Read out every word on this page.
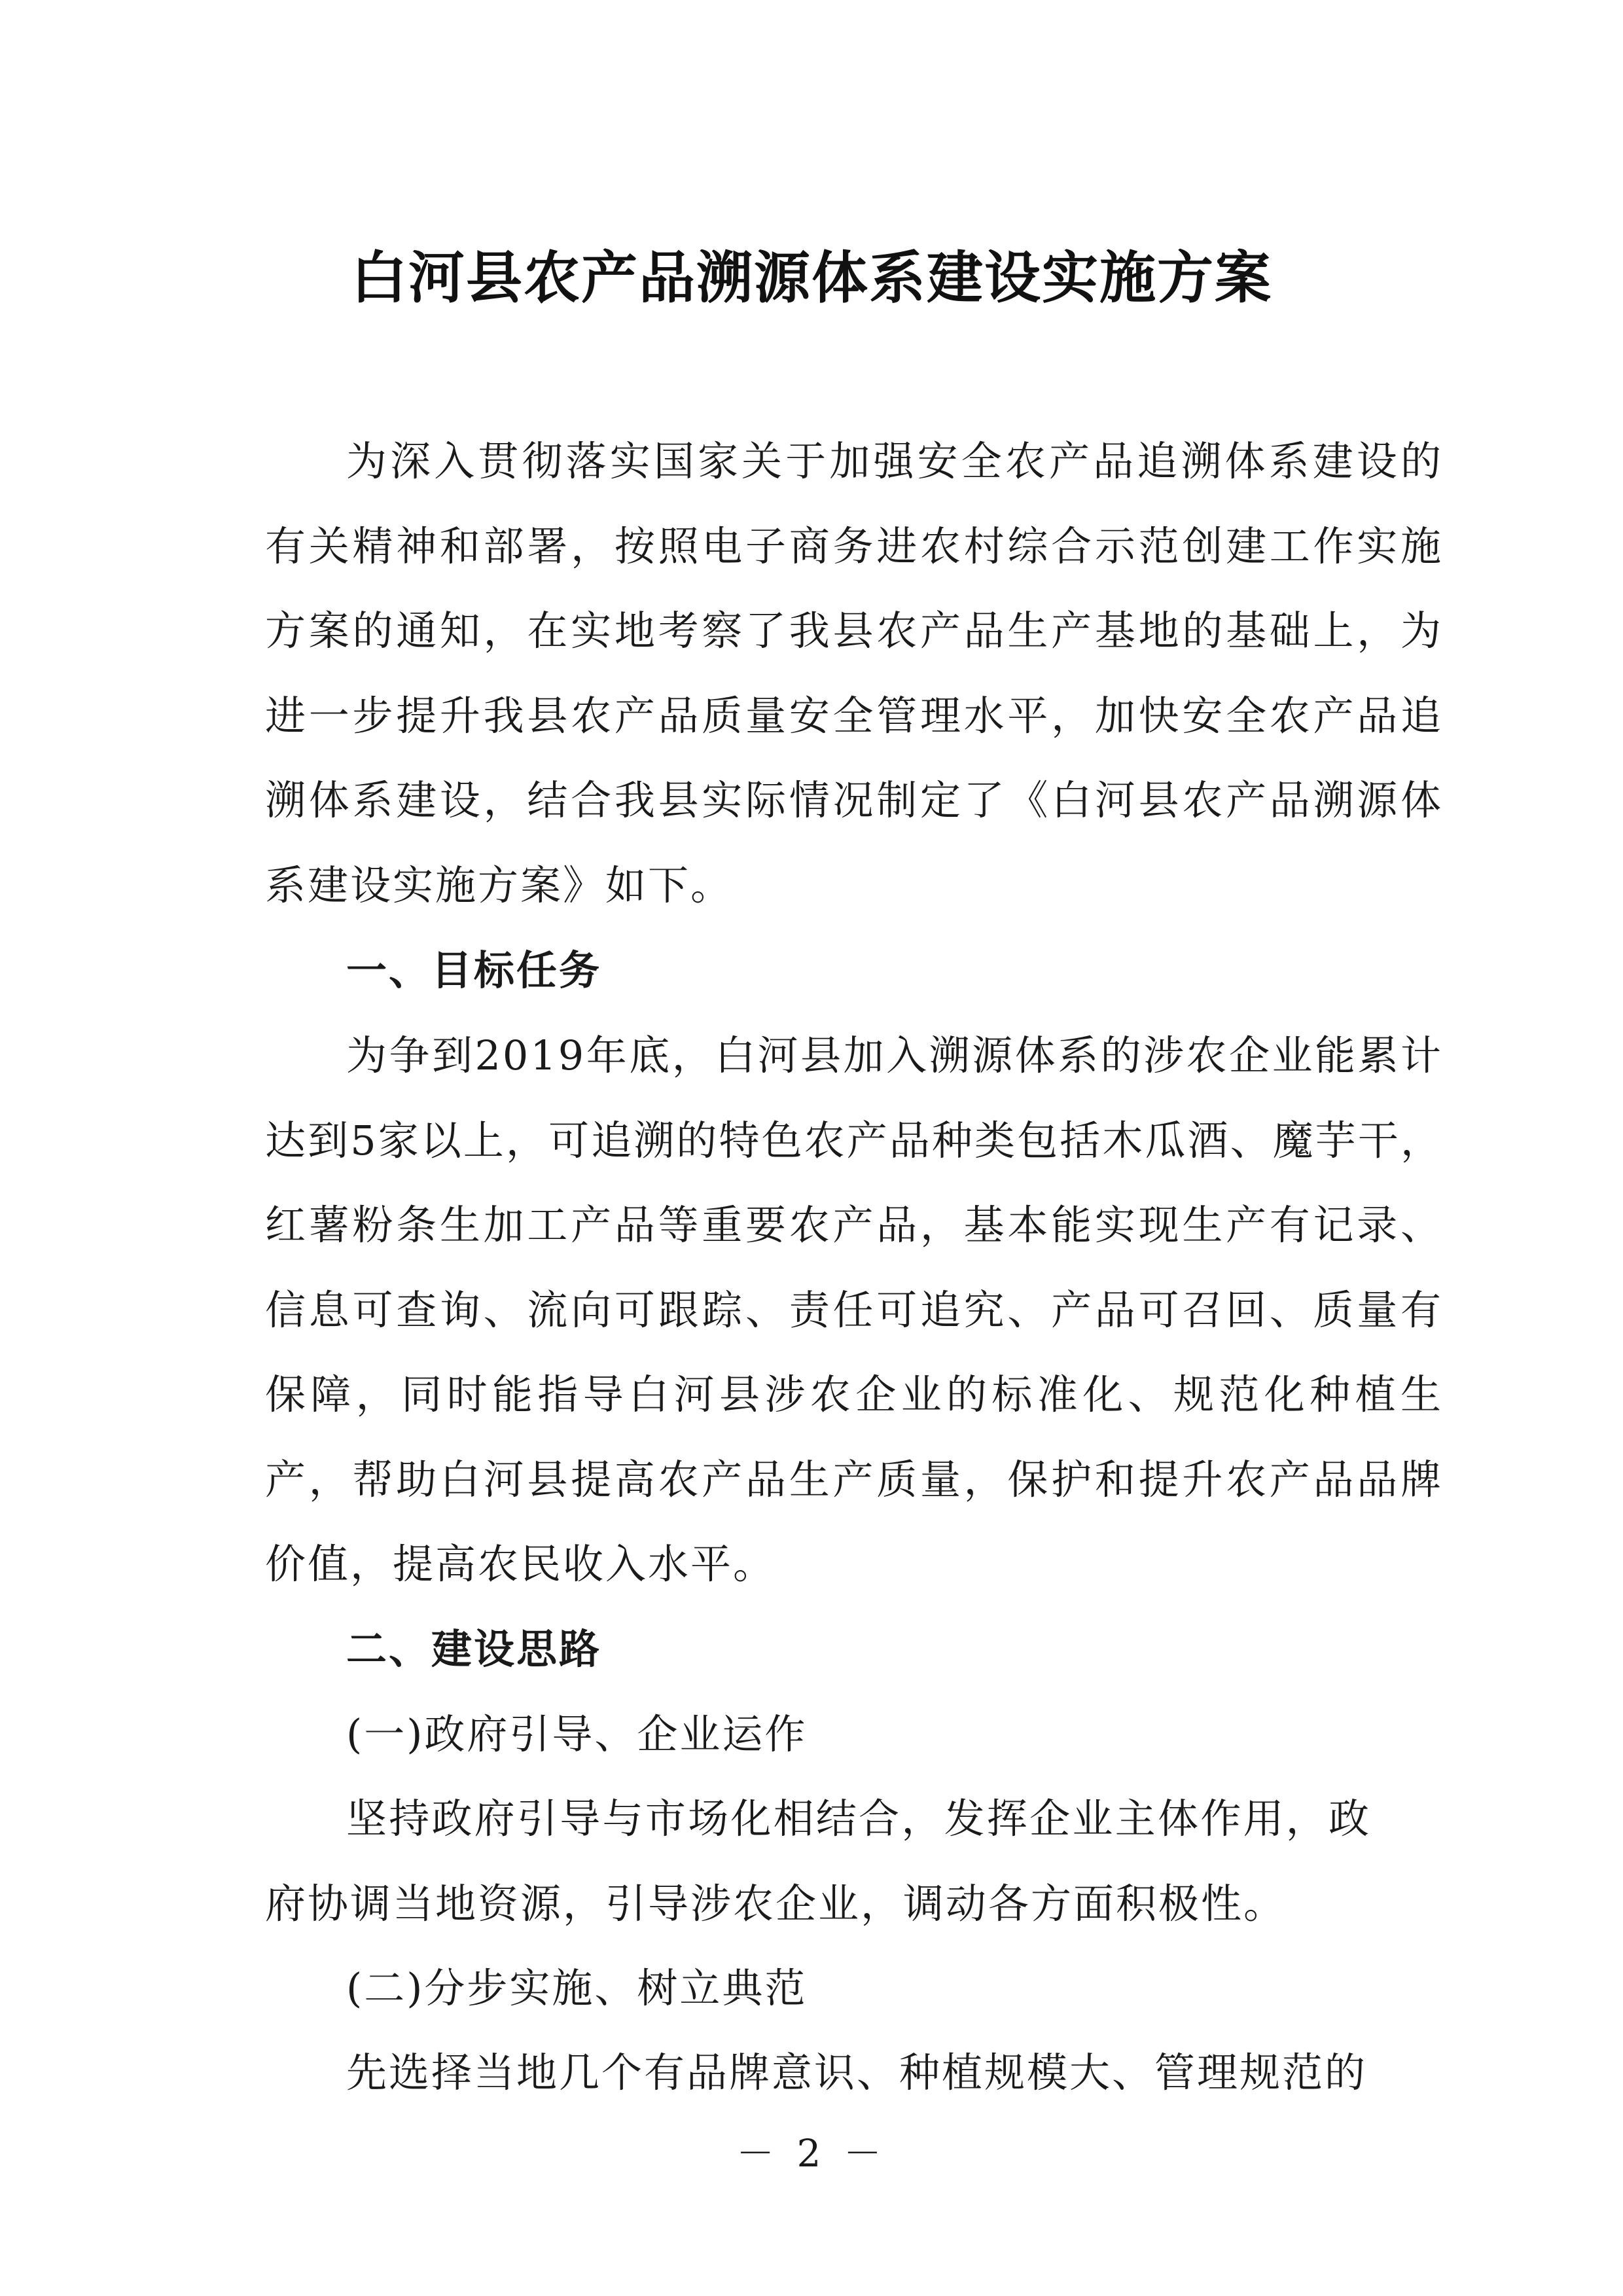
白河县农产品溯源体系建设实施方案

为深入贯彻落实国家关于加强安全农产品追溯体系建设的有关精神和部署，按照电子商务进农村综合示范创建工作实施方案的通知，在实地考察了我县农产品生产基地的基础上，为进一步提升我县农产品质量安全管理水平，加快安全农产品追溯体系建设，结合我县实际情况制定了《白河县农产品溯源体系建设实施方案》如下。

一、目标任务

为争到2019年底，白河县加入溯源体系的涉农企业能累计达到5家以上，可追溯的特色农产品种类包括木瓜酒、魔芋干，红薯粉条生加工产品等重要农产品，基本能实现生产有记录、信息可查询、流向可跟踪、责任可追究、产品可召回、质量有保障，同时能指导白河县涉农企业的标准化、规范化种植生产，帮助白河县提高农产品生产质量，保护和提升农产品品牌价值，提高农民收入水平。

二、建设思路
(一)政府引导、企业运作

坚持政府引导与市场化相结合，发挥企业主体作用，政府协调当地资源，引导涉农企业，调动各方面积极性。

(二)分步实施、树立典范

先选择当地几个有品牌意识、种植规模大、管理规范的

－ 2 －
